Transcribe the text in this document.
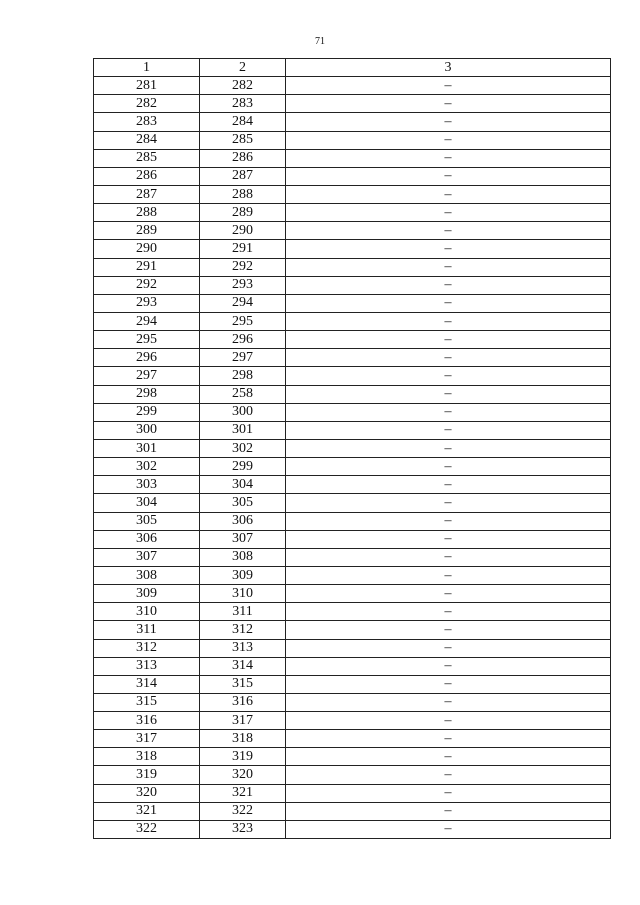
71
1	2	3
281	282	–
282	283	–
283	284	–
284	285	–
285	286	–
286	287	–
287	288	–
288	289	–
289	290	–
290	291	–
291	292	–
292	293	–
293	294	–
294	295	–
295	296	–
296	297	–
297	298	–
298	258	–
299	300	–
300	301	–
301	302	–
302	299	–
303	304	–
304	305	–
305	306	–
306	307	–
307	308	–
308	309	–
309	310	–
310	311	–
311	312	–
312	313	–
313	314	–
314	315	–
315	316	–
316	317	–
317	318	–
318	319	–
319	320	–
320	321	–
321	322	–
322	323	–
